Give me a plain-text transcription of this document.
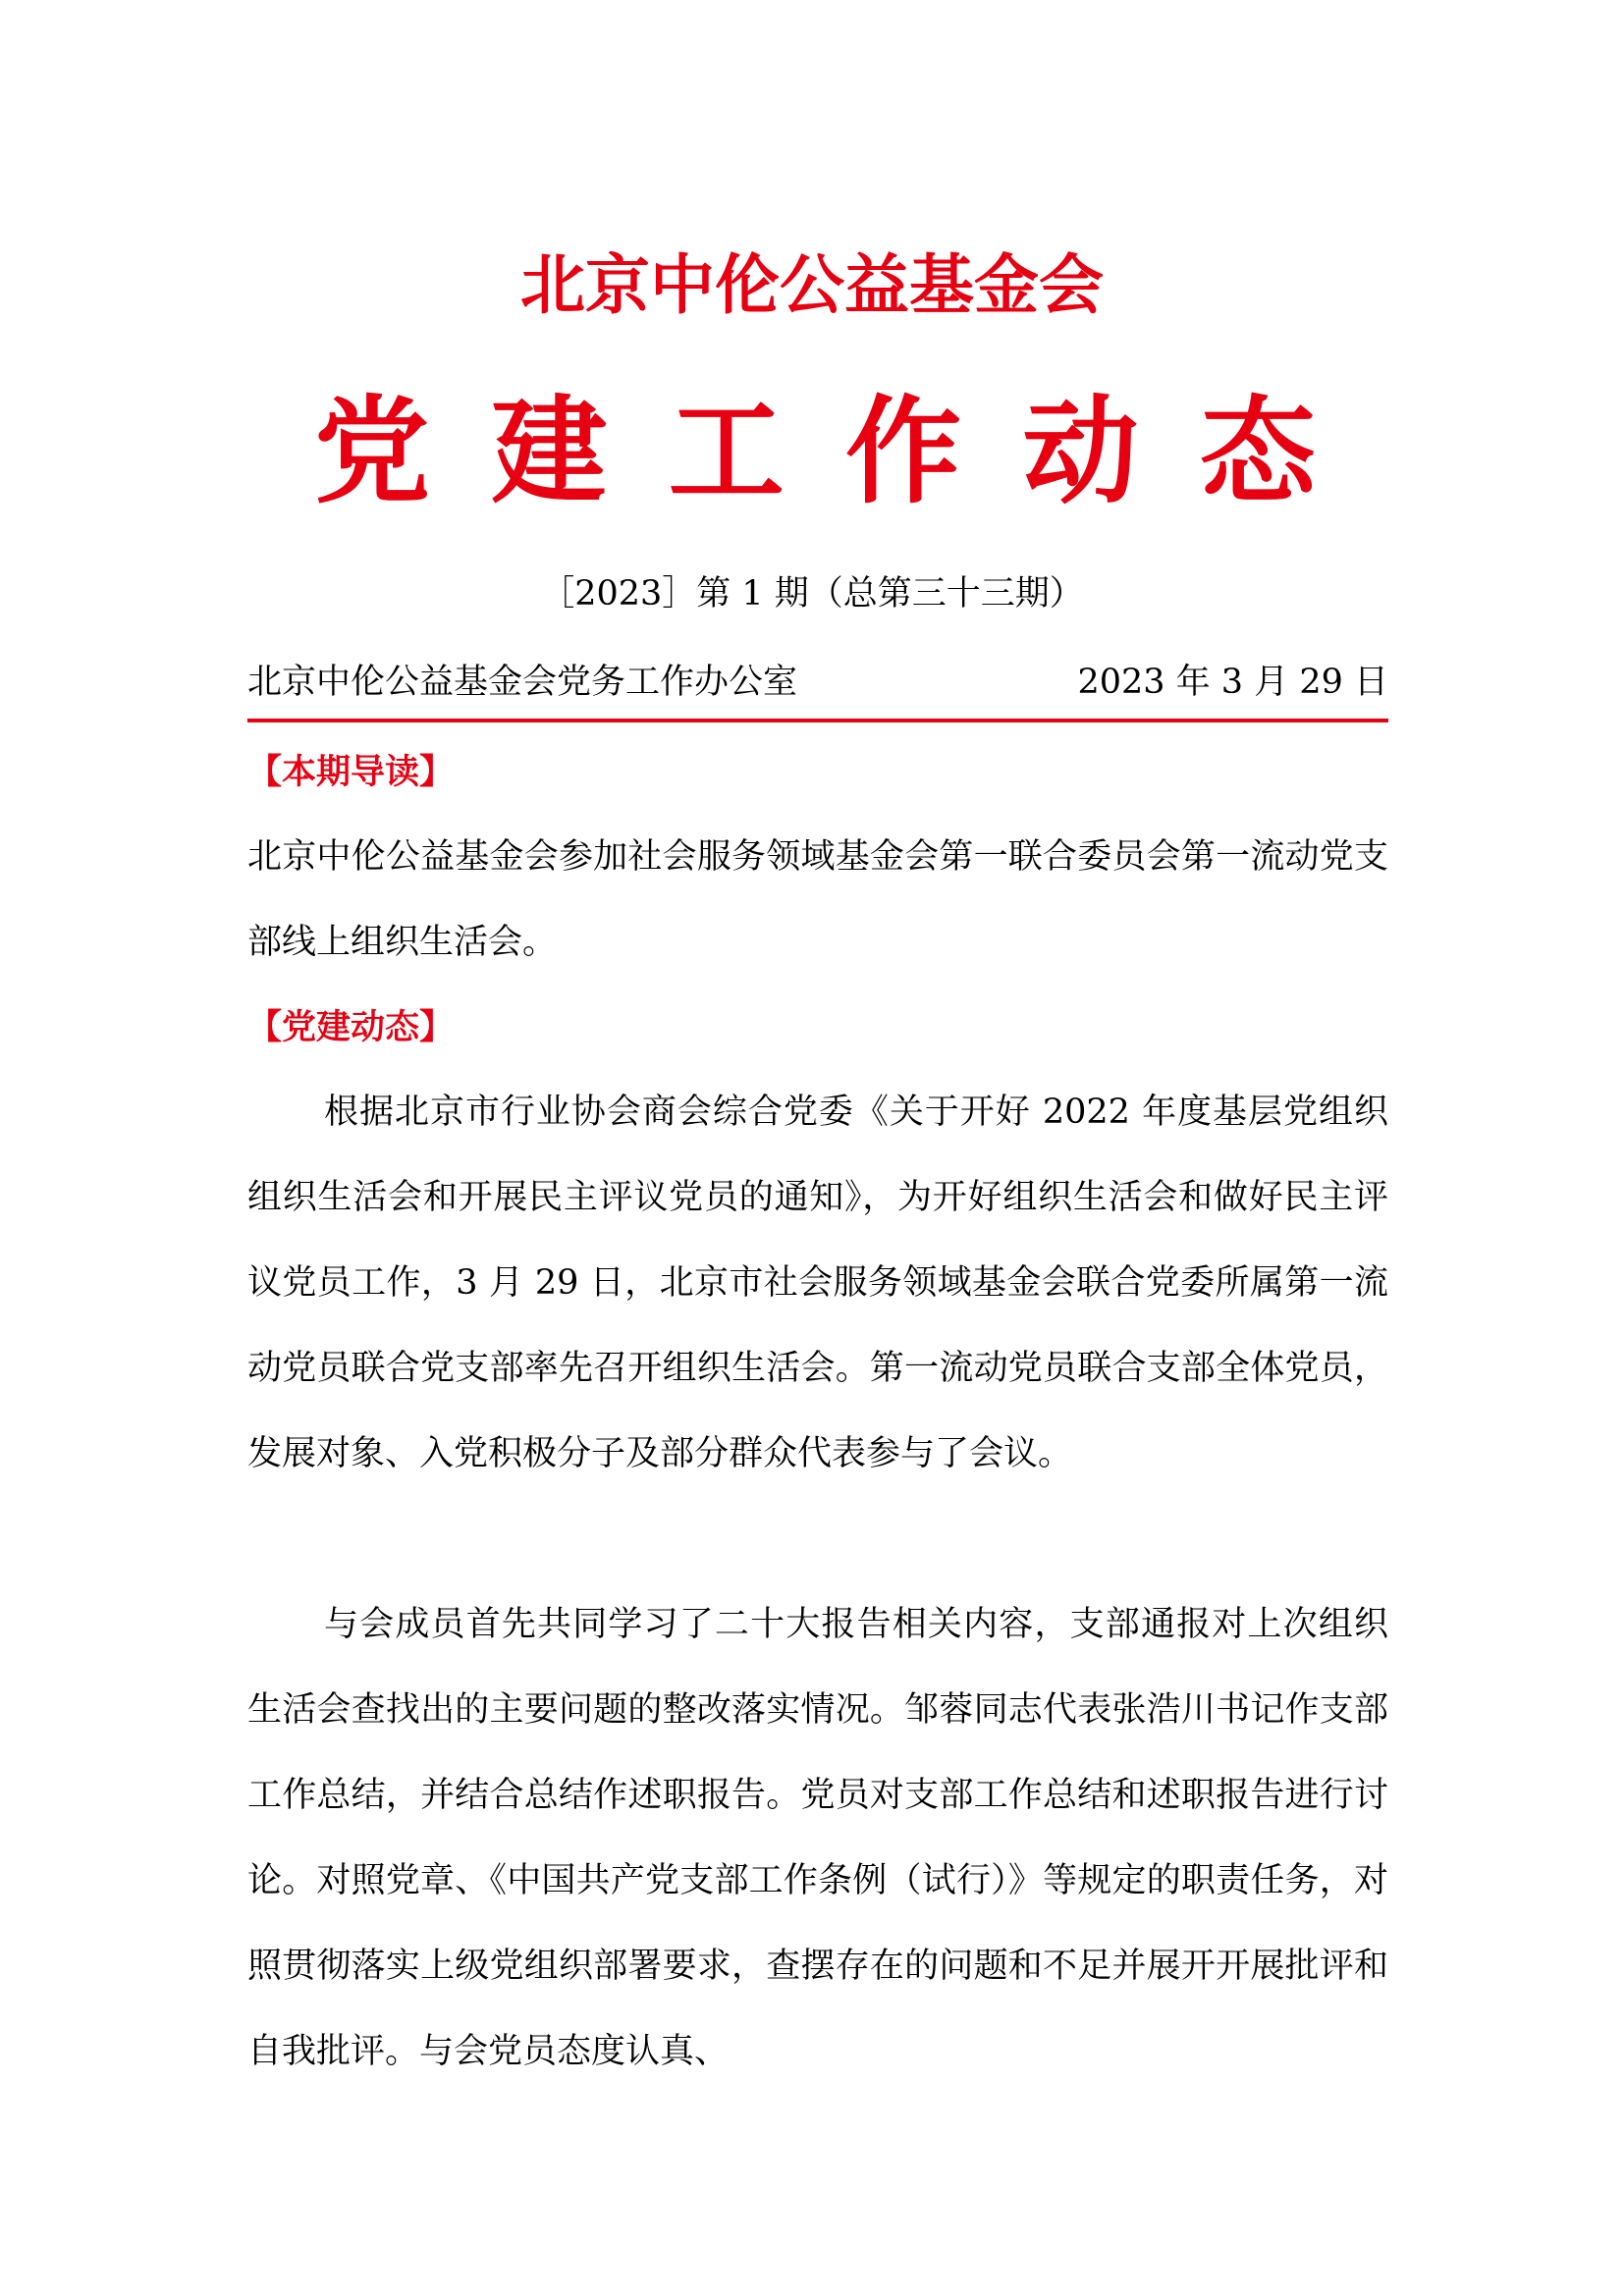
北京中伦公益基金会
党 建 工 作 动 态
［2023］第 1 期（总第三十三期）
北京中伦公益基金会党务工作办公室	2023 年 3 月 29 日
【本期导读】

北京中伦公益基金会参加社会服务领域基金会第一联合委员会第一流动党支部线上组织生活会。

【党建动态】

根据北京市行业协会商会综合党委《关于开好 2022 年度基层党组织组织生活会和开展民主评议党员的通知》，为开好组织生活会和做好民主评议党员工作，3 月 29 日，北京市社会服务领域基金会联合党委所属第一流动党员联合党支部率先召开组织生活会。第一流动党员联合支部全体党员，发展对象、入党积极分子及部分群众代表参与了会议。

与会成员首先共同学习了二十大报告相关内容，支部通报对上次组织生活会查找出的主要问题的整改落实情况。邹蓉同志代表张浩川书记作支部工作总结，并结合总结作述职报告。党员对支部工作总结和述职报告进行讨论。对照党章、《中国共产党支部工作条例（试行）》等规定的职责任务，对照贯彻落实上级党组织部署要求，查摆存在的问题和不足并展开开展批评和自我批评。与会党员态度认真、
